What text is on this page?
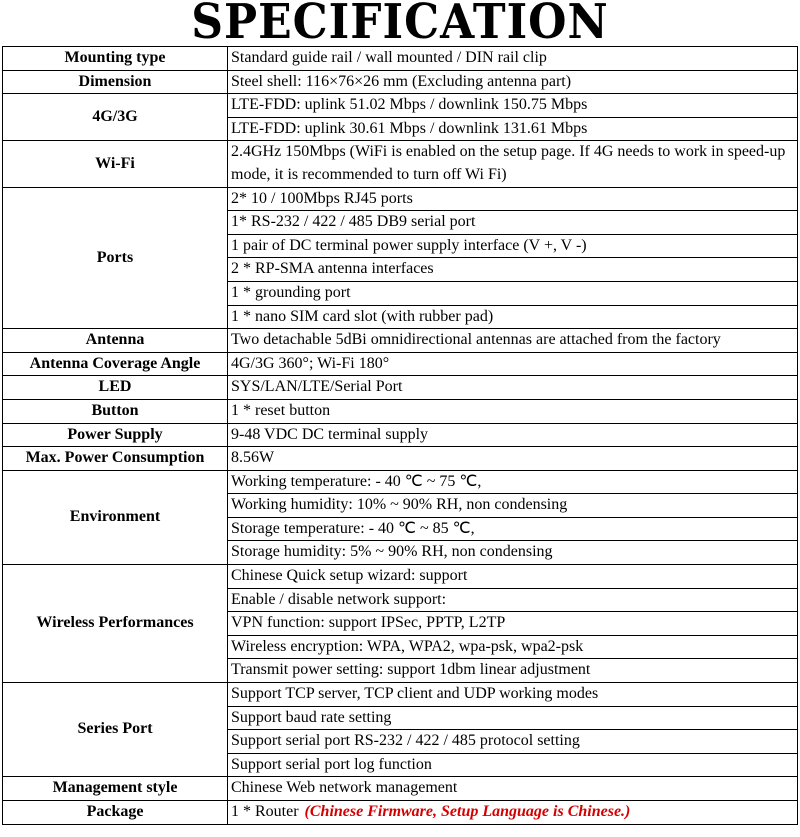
SPECIFICATION
Mounting type	Standard guide rail / wall mounted / DIN rail clip
Dimension	Steel shell: 116×76×26 mm (Excluding antenna part)
4G/3G	LTE-FDD: uplink 51.02 Mbps / downlink 150.75 Mbps
	LTE-FDD: uplink 30.61 Mbps / downlink 131.61 Mbps
Wi-Fi	2.4GHz 150Mbps (WiFi is enabled on the setup page. If 4G needs to work in speed-up mode, it is recommended to turn off Wi Fi)
Ports	2* 10 / 100Mbps RJ45 ports
	1* RS-232 / 422 / 485 DB9 serial port
	1 pair of DC terminal power supply interface (V +, V -)
	2 * RP-SMA antenna interfaces
	1 * grounding port
	1 * nano SIM card slot (with rubber pad)
Antenna	Two detachable 5dBi omnidirectional antennas are attached from the factory
Antenna Coverage Angle	4G/3G 360°; Wi-Fi 180°
LED	SYS/LAN/LTE/Serial Port
Button	1 * reset button
Power Supply	9-48 VDC DC terminal supply
Max. Power Consumption	8.56W
Environment	Working temperature: - 40 ℃ ~ 75 ℃,
	Working humidity: 10% ~ 90% RH, non condensing
	Storage temperature: - 40 ℃ ~ 85 ℃,
	Storage humidity: 5% ~ 90% RH, non condensing
Wireless Performances	Chinese Quick setup wizard: support
	Enable / disable network support:
	VPN function: support IPSec, PPTP, L2TP
	Wireless encryption: WPA, WPA2, wpa-psk, wpa2-psk
	Transmit power setting: support 1dbm linear adjustment
Series Port	Support TCP server, TCP client and UDP working modes
	Support baud rate setting
	Support serial port RS-232 / 422 / 485 protocol setting
	Support serial port log function
Management style	Chinese Web network management
Package	1 * Router (Chinese Firmware, Setup Language is Chinese.)
